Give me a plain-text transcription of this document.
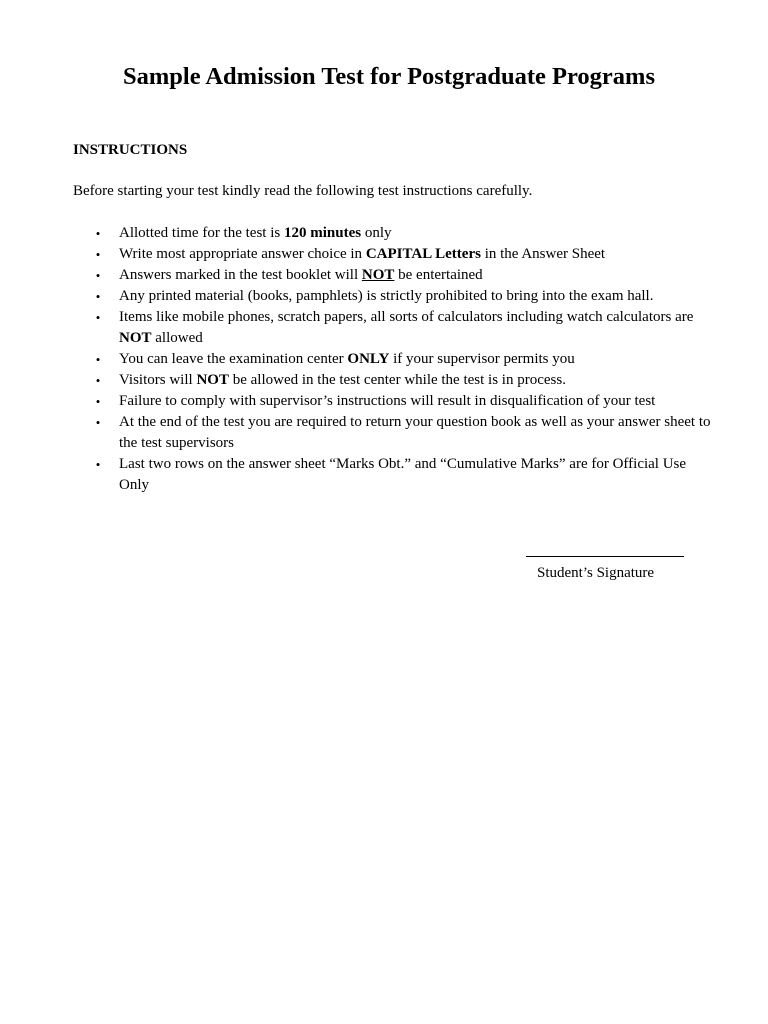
Sample Admission Test for Postgraduate Programs
INSTRUCTIONS

Before starting your test kindly read the following test instructions carefully.

• Allotted time for the test is 120 minutes only
• Write most appropriate answer choice in CAPITAL Letters in the Answer Sheet
• Answers marked in the test booklet will NOT be entertained
• Any printed material (books, pamphlets) is strictly prohibited to bring into the exam hall.
• Items like mobile phones, scratch papers, all sorts of calculators including watch calculators are NOT allowed
• You can leave the examination center ONLY if your supervisor permits you
• Visitors will NOT be allowed in the test center while the test is in process.
• Failure to comply with supervisor’s instructions will result in disqualification of your test
• At the end of the test you are required to return your question book as well as your answer sheet to the test supervisors
• Last two rows on the answer sheet “Marks Obt.” and “Cumulative Marks” are for Official Use Only

Student’s Signature
